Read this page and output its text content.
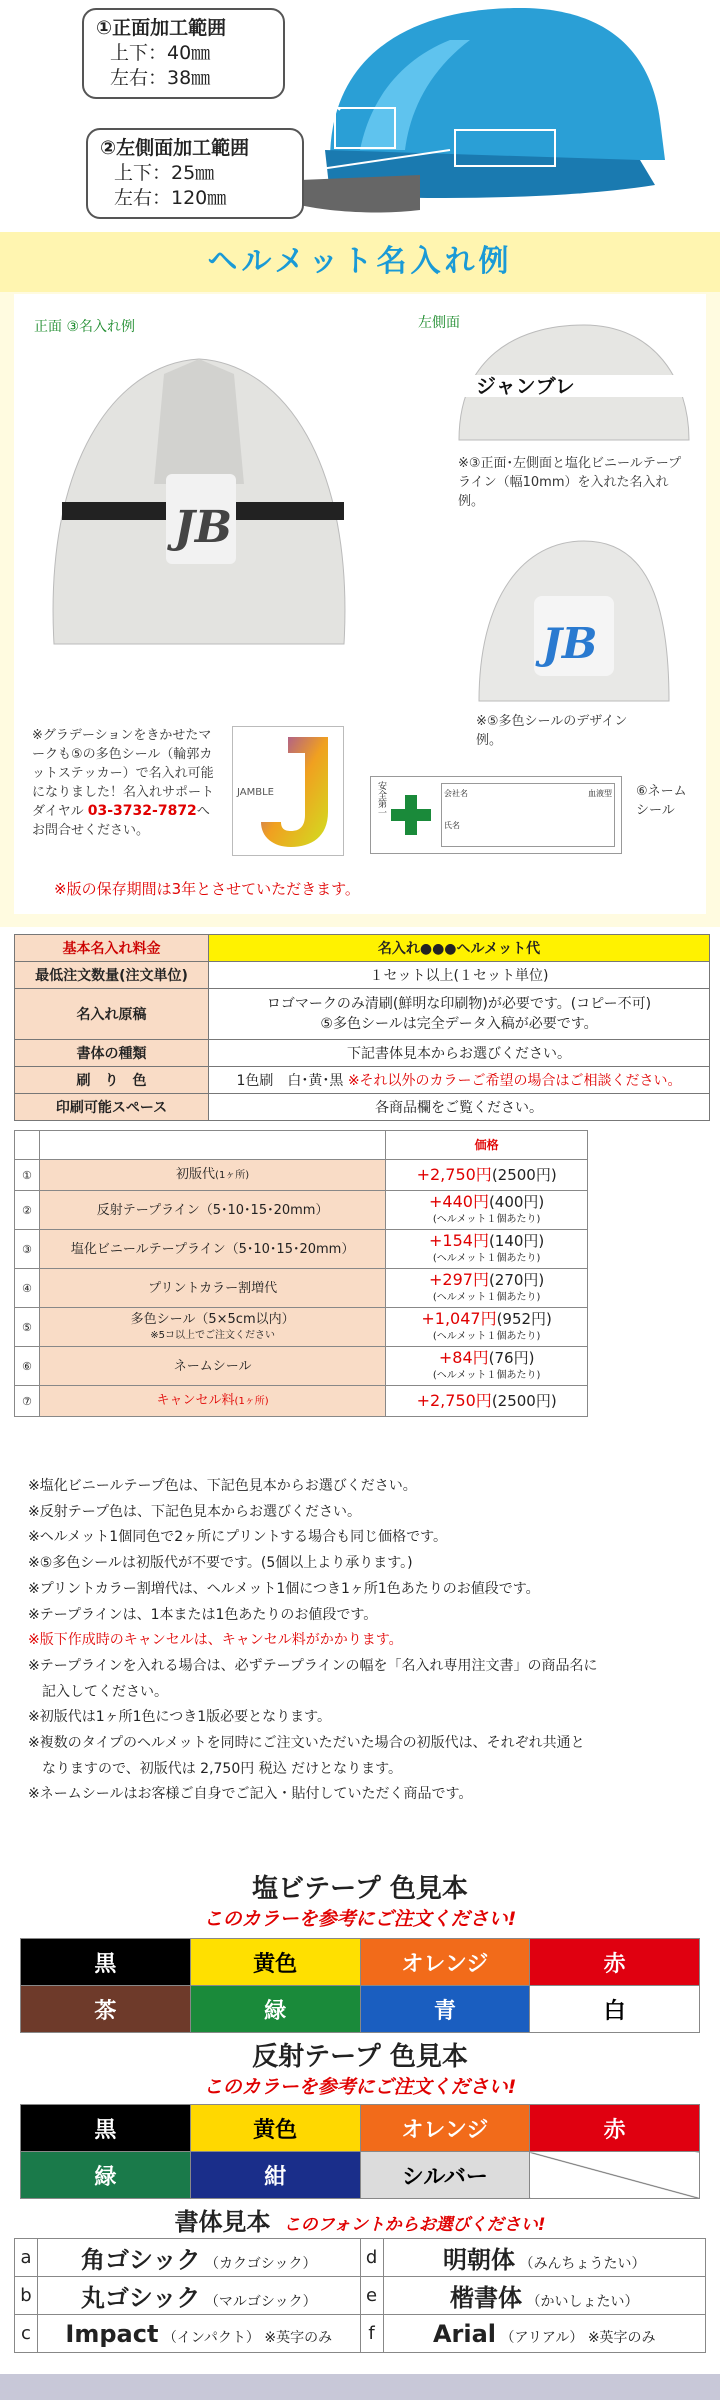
①正面加工範囲
上下：40㎜
左右：38㎜
②左側面加工範囲
上下：25㎜
左右：120㎜
ヘルメット名入れ例
正面 ③名入れ例	左側面
JB
ジャンブレ
※③正面･左側面と塩化ビニールテープライン（幅10mm）を入れた名入れ例。
JB
※⑤多色シールのデザイン例。
※グラデーションをきかせたマークも⑤の多色シール（輪郭カットステッカー）で名入れ可能になりました！名入れサポートダイヤル 03-3732-7872へお問合せください。
JAMBLE	安全第一	会社名
氏名
血液型 ⑥ネームシール
※版の保存期間は3年とさせていただきます。
基本名入れ料金	名入れ●●●ヘルメット代
最低注文数量(注文単位)	１セット以上(１セット単位)
名入れ原稿	ロゴマークのみ清刷(鮮明な印刷物)が必要です。(コピー不可)
⑤多色シールは完全データ入稿が必要です。

書体の種類	下記書体見本からお選びください。
刷　り　色	1色刷　白･黄･黒 ※それ以外のカラーご希望の場合はご相談ください。
印刷可能スペース	各商品欄をご覧ください。
		価格
①	初版代(1ヶ所)	+2,750円(2500円)
②	反射テープライン（5･10･15･20mm）	+440円(400円)
(ヘルメット１個あたり)
③	塩化ビニールテープライン（5･10･15･20mm）	+154円(140円)
(ヘルメット１個あたり)
④	プリントカラー割増代	+297円(270円)
(ヘルメット１個あたり)
⑤	多色シール（5×5cm以内）
※5コ以上でご注文ください	+1,047円(952円)
(ヘルメット１個あたり)
⑥	ネームシール	+84円(76円)
(ヘルメット１個あたり)
⑦	キャンセル料(1ヶ所)	+2,750円(2500円)
※塩化ビニールテープ色は、下記色見本からお選びください。
※反射テープ色は、下記色見本からお選びください。
※ヘルメット1個同色で2ヶ所にプリントする場合も同じ価格です。
※⑤多色シールは初版代が不要です。(5個以上より承ります。)
※プリントカラー割増代は、ヘルメット1個につき1ヶ所1色あたりのお値段です。
※テープラインは、1本または1色あたりのお値段です。
※版下作成時のキャンセルは、キャンセル料がかかります。
※テープラインを入れる場合は、必ずテープラインの幅を「名入れ専用注文書」の商品名に
　記入してください。
※初版代は1ヶ所1色につき1版必要となります。
※複数のタイプのヘルメットを同時にご注文いただいた場合の初版代は、それぞれ共通と
　なりますので、初版代は 2,750円 税込 だけとなります。
※ネームシールはお客様ご自身でご記入・貼付していただく商品です。
塩ビテープ 色見本
このカラーを参考にご注文ください!
黒	黄色	オレンジ	赤
茶	緑	青	白
反射テープ 色見本
このカラーを参考にご注文ください!
黒	黄色	オレンジ	赤
緑	紺	シルバー	
書体見本 このフォントからお選びください!
a	角ゴシック （カクゴシック）	d	明朝体 （みんちょうたい）
b	丸ゴシック （マルゴシック）	e	楷書体 （かいしょたい）
c	Impact （インパクト） ※英字のみ	f	Arial （アリアル） ※英字のみ
